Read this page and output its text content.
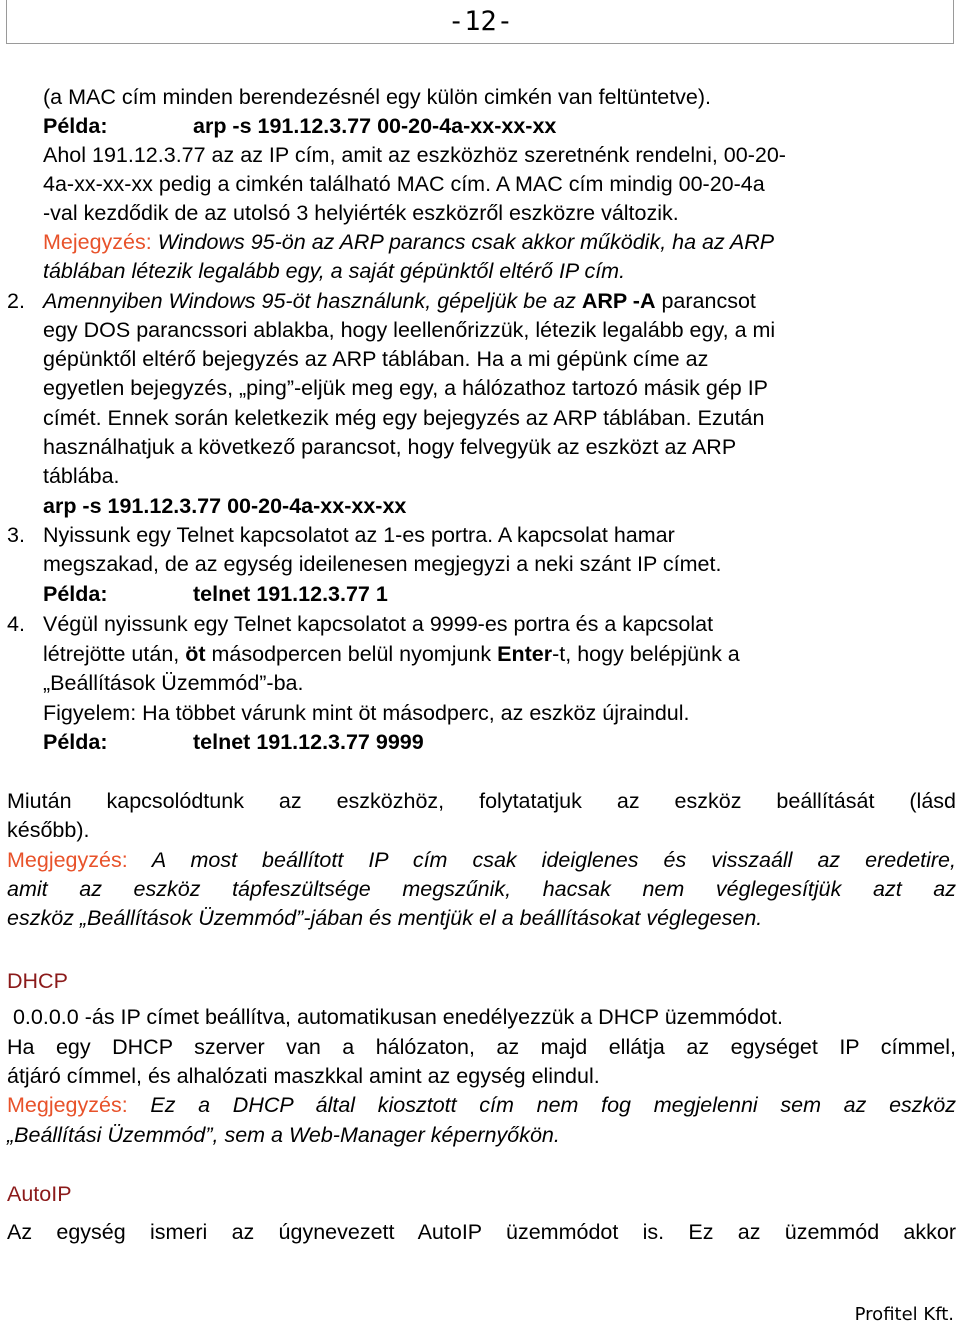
-12-
(a MAC cím minden berendezésnél egy külön cimkén van feltüntetve).
Példa:	arp -s 191.12.3.77 00-20-4a-xx-xx-xx
Ahol 191.12.3.77 az az IP cím, amit az eszközhöz szeretnénk rendelni, 00-20-
4a-xx-xx-xx pedig a cimkén található MAC cím. A MAC cím mindig 00-20-4a
-val kezdődik de az utolsó 3 helyiérték eszközről eszközre változik.
Mejegyzés: Windows 95-ön az ARP parancs csak akkor működik, ha az ARP
táblában létezik legalább egy, a saját gépünktől eltérő IP cím.
2. Amennyiben Windows 95-öt használunk, gépeljük be az ARP -A parancsot
egy DOS parancssori ablakba, hogy leellenőrizzük, létezik legalább egy, a mi
gépünktől eltérő bejegyzés az ARP táblában. Ha a mi gépünk címe az
egyetlen bejegyzés, „ping”-eljük meg egy, a hálózathoz tartozó másik gép IP
címét. Ennek során keletkezik még egy bejegyzés az ARP táblában. Ezután
használhatjuk a következő parancsot, hogy felvegyük az eszközt az ARP
táblába.
arp -s 191.12.3.77 00-20-4a-xx-xx-xx
3. Nyissunk egy Telnet kapcsolatot az 1-es portra. A kapcsolat hamar
megszakad, de az egység ideilenesen megjegyzi a neki szánt IP címet.
Példa:	telnet 191.12.3.77 1
4. Végül nyissunk egy Telnet kapcsolatot a 9999-es portra és a kapcsolat
létrejötte után, öt másodpercen belül nyomjunk Enter-t, hogy belépjünk a
„Beállítások Üzemmód”-ba.
Figyelem: Ha többet várunk mint öt másodperc, az eszköz újraindul.
Példa:	telnet 191.12.3.77 9999
Miután kapcsolódtunk az eszközhöz, folytatatjuk az eszköz beállítását (lásd
később).
Megjegyzés: A most beállított IP cím csak ideiglenes és visszaáll az eredetire,
amit az eszköz tápfeszültsége megszűnik, hacsak nem véglegesítjük azt az
eszköz „Beállítások Üzemmód”-jában és mentjük el a beállításokat véglegesen.
DHCP
0.0.0.0 -ás IP címet beállítva, automatikusan enedélyezzük a DHCP üzemmódot.
Ha egy DHCP szerver van a hálózaton, az majd ellátja az egységet IP címmel,
átjáró címmel, és alhalózati maszkkal amint az egység elindul.
Megjegyzés: Ez a DHCP által kiosztott cím nem fog megjelenni sem az eszköz
„Beállítási Üzemmód”, sem a Web-Manager képernyőkön.
AutoIP
Az egység ismeri az úgynevezett AutoIP üzemmódot is. Ez az üzemmód akkor
Profitel Kft.
